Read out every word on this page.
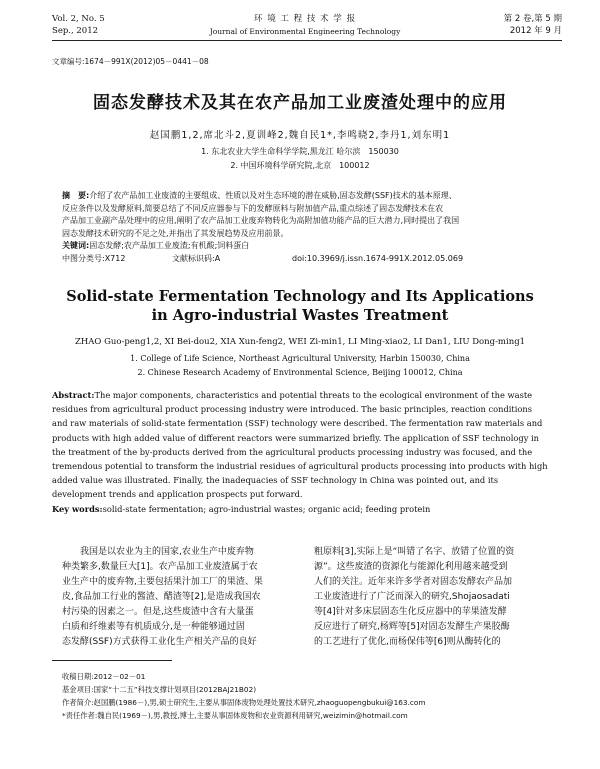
Vol. 2, No. 5
Sep., 2012
环 境 工 程 技 术 学 报
Journal of Environmental Engineering Technology
第 2 卷,第 5 期
2012 年 9 月
文章编号:1674－991X(2012)05－0441－08
固态发酵技术及其在农产品加工业废渣处理中的应用
赵国鹏1,2,席北斗2,夏训峰2,魏自民1*,李鸣晓2,李丹1,刘东明1
1. 东北农业大学生命科学学院,黑龙江 哈尔滨　150030
2. 中国环境科学研究院,北京　100012
摘　要:介绍了农产品加工业废渣的主要组成、性质以及对生态环境的潜在威胁,固态发酵(SSF)技术的基本原理、
反应条件以及发酵原料,简要总结了不同反应器参与下的发酵原料与附加值产品,重点综述了固态发酵技术在农
产品加工业副产品处理中的应用,阐明了农产品加工业废弃物转化为高附加值功能产品的巨大潜力,同时提出了我国
固态发酵技术研究的不足之处,并指出了其发展趋势及应用前景。
关键词:固态发酵;农产品加工业废渣;有机酸;饲料蛋白
中图分类号:X712	文献标识码:A	doi:10.3969/j.issn.1674-991X.2012.05.069
Solid-state Fermentation Technology and Its Applications
in Agro-industrial Wastes Treatment
ZHAO Guo-peng1,2, XI Bei-dou2, XIA Xun-feng2, WEI Zi-min1, LI Ming-xiao2, LI Dan1, LIU Dong-ming1
1. College of Life Science, Northeast Agricultural University, Harbin 150030, China
2. Chinese Research Academy of Environmental Science, Beijing 100012, China
Abstract:The major components, characteristics and potential threats to the ecological environment of the waste
residues from agricultural product processing industry were introduced. The basic principles, reaction conditions
and raw materials of solid-state fermentation (SSF) technology were described. The fermentation raw materials and
products with high added value of different reactors were summarized briefly. The application of SSF technology in
the treatment of the by-products derived from the agricultural products processing industry was focused, and the
tremendous potential to transform the industrial residues of agricultural products processing into products with high
added value was illustrated. Finally, the inadequacies of SSF technology in China was pointed out, and its
development trends and application prospects put forward.
Key words:solid-state fermentation; agro-industrial wastes; organic acid; feeding protein
我国是以农业为主的国家,农业生产中废弃物
种类繁多,数量巨大[1]。农产品加工业废渣属于农
业生产中的废弃物,主要包括果汁加工厂的果渣、果
皮,食品加工行业的酱渣、醋渣等[2],是造成我国农
村污染的因素之一。但是,这些废渣中含有大量蛋
白质和纤维素等有机质成分,是一种能够通过固
态发酵(SSF)方式获得工业化生产相关产品的良好
粗原料[3],实际上是“叫错了名字、放错了位置的资
源”。这些废渣的资源化与能源化利用越来越受到
人们的关注。近年来许多学者对固态发酵农产品加
工业废渣进行了广泛而深入的研究,Shojaosadati
等[4]针对多床层固态生化反应器中的苹果渣发酵
反应进行了研究,杨辉等[5]对固态发酵生产果胶酶
的工艺进行了优化,而杨保伟等[6]则从酶转化的
收稿日期:2012－02－01
基金项目:国家“十二五”科技支撑计划项目(2012BAJ21B02)
作者简介:赵国鹏(1986－),男,硕士研究生,主要从事固体废物处理处置技术研究,zhaoguopengbukui@163.com
*责任作者:魏自民(1969－),男,教授,博士,主要从事固体废物和农业资源利用研究,weizimin@hotmail.com
